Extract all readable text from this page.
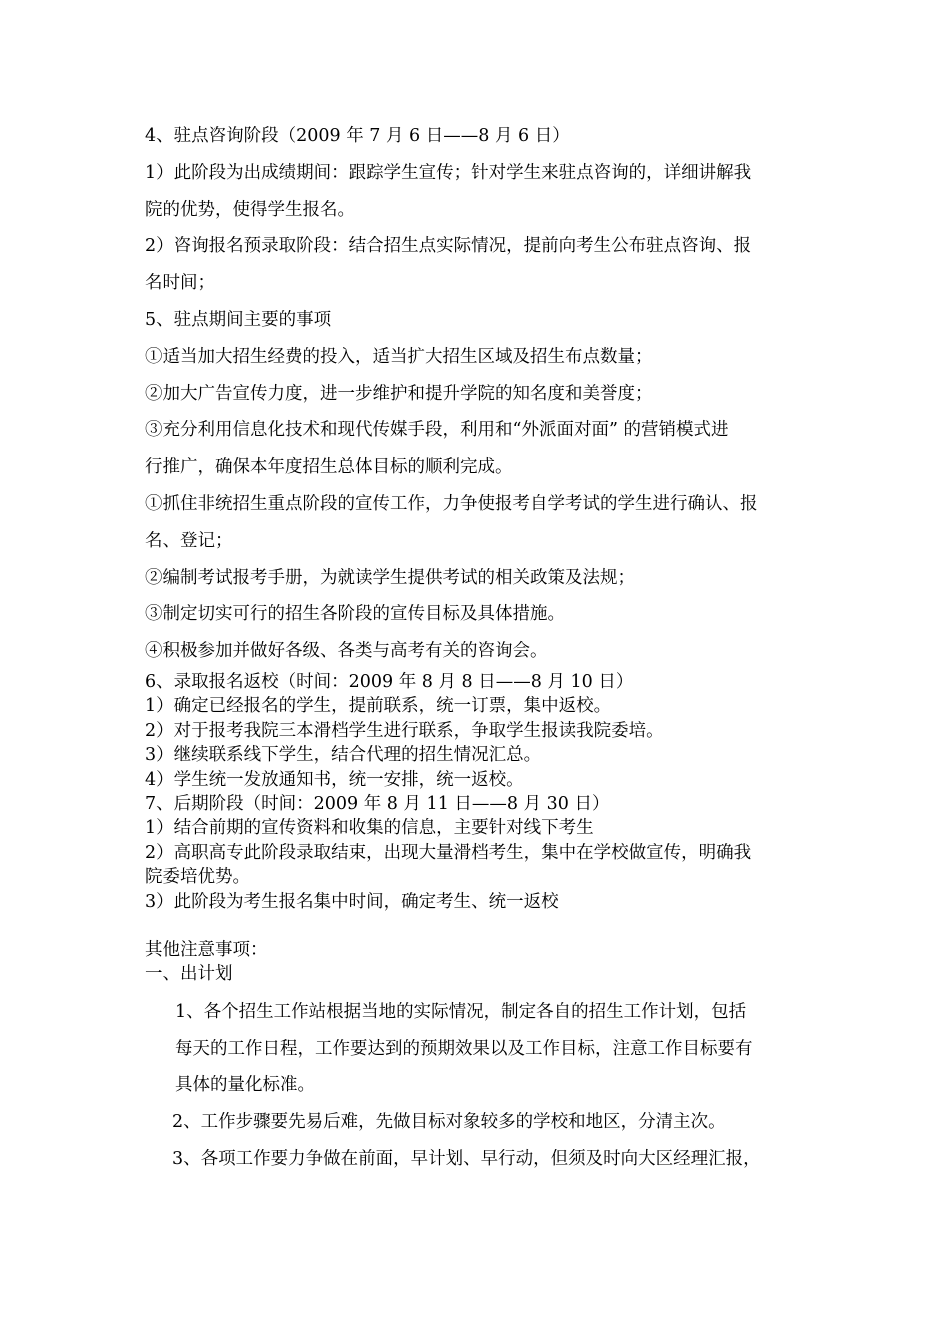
4、驻点咨询阶段（2009 年 7 月 6 日——8 月 6 日）
1）此阶段为出成绩期间：跟踪学生宣传；针对学生来驻点咨询的，详细讲解我
院的优势，使得学生报名。
2）咨询报名预录取阶段：结合招生点实际情况，提前向考生公布驻点咨询、报
名时间；
5、驻点期间主要的事项
①适当加大招生经费的投入，适当扩大招生区域及招生布点数量；
②加大广告宣传力度，进一步维护和提升学院的知名度和美誉度；
③充分利用信息化技术和现代传媒手段，利用和“外派面对面” 的营销模式进
行推广，确保本年度招生总体目标的顺利完成。
①抓住非统招生重点阶段的宣传工作，力争使报考自学考试的学生进行确认、报
名、登记；
②编制考试报考手册，为就读学生提供考试的相关政策及法规；
③制定切实可行的招生各阶段的宣传目标及具体措施。
④积极参加并做好各级、各类与高考有关的咨询会。
6、录取报名返校（时间：2009 年 8 月 8 日——8 月 10 日）
1）确定已经报名的学生，提前联系，统一订票，集中返校。
2）对于报考我院三本滑档学生进行联系，争取学生报读我院委培。
3）继续联系线下学生，结合代理的招生情况汇总。
4）学生统一发放通知书，统一安排，统一返校。
7、后期阶段（时间：2009 年 8 月 11 日——8 月 30 日）
1）结合前期的宣传资料和收集的信息，主要针对线下考生
2）高职高专此阶段录取结束，出现大量滑档考生，集中在学校做宣传，明确我
院委培优势。
3）此阶段为考生报名集中时间，确定考生、统一返校
其他注意事项：
一、出计划
1、各个招生工作站根据当地的实际情况，制定各自的招生工作计划，包括
每天的工作日程，工作要达到的预期效果以及工作目标，注意工作目标要有
具体的量化标准。
2、工作步骤要先易后难，先做目标对象较多的学校和地区，分清主次。
3、各项工作要力争做在前面，早计划、早行动，但须及时向大区经理汇报，
